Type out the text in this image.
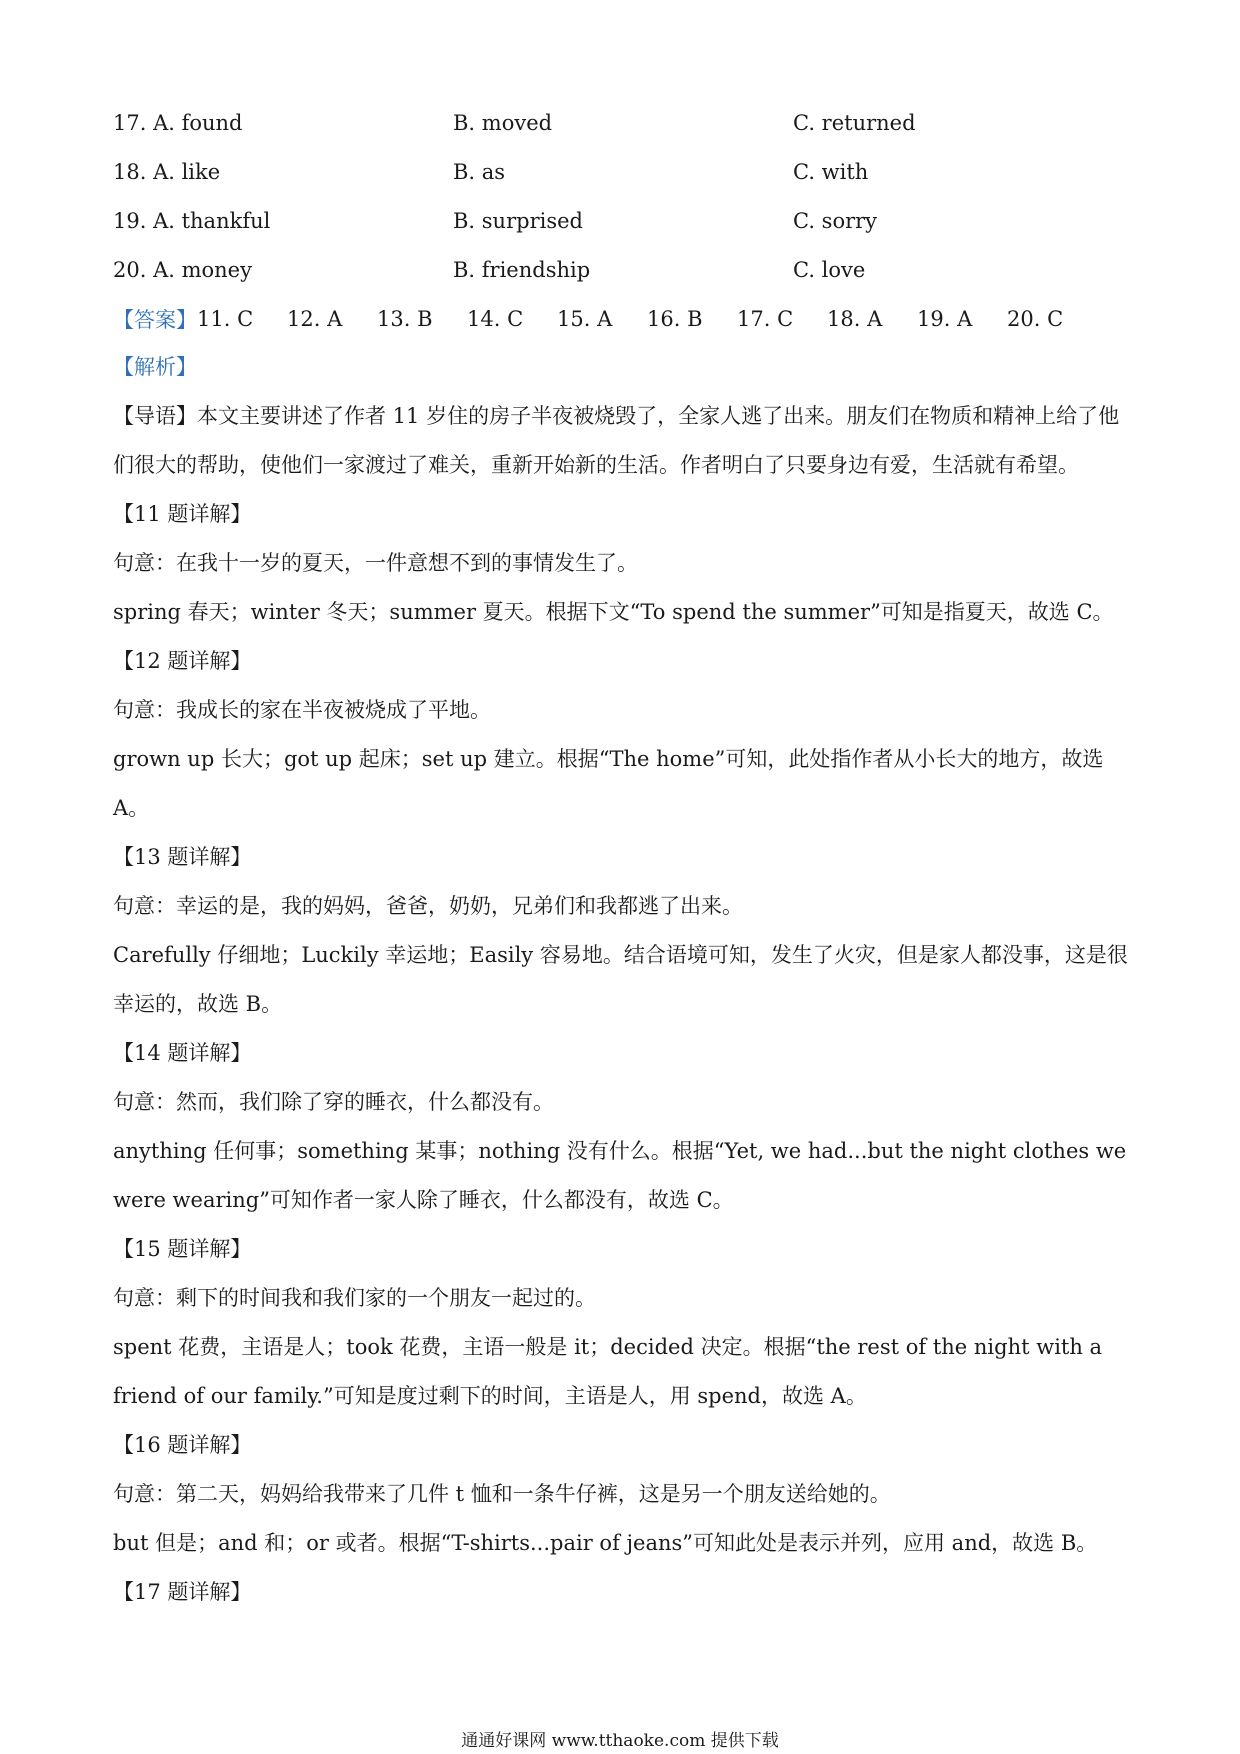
17. A. found	B. moved	C. returned
18. A. like	B. as	C. with
19. A. thankful	B. surprised	C. sorry
20. A. money	B. friendship	C. love
【答案】 11. C	12. A	13. B	14. C	15. A	16. B	17. C	18. A	19. A	20. C
【解析】
【导语】本文主要讲述了作者 11 岁住的房子半夜被烧毁了，全家人逃了出来。朋友们在物质和精神上给了他们很大的帮助，使他们一家渡过了难关，重新开始新的生活。作者明白了只要身边有爱，生活就有希望。
【11 题详解】
句意：在我十一岁的夏天，一件意想不到的事情发生了。
spring 春天；winter 冬天；summer 夏天。根据下文“To spend the summer”可知是指夏天，故选 C。
【12 题详解】
句意：我成长的家在半夜被烧成了平地。
grown up 长大；got up 起床；set up 建立。根据“The home”可知，此处指作者从小长大的地方，故选 A。
【13 题详解】
句意：幸运的是，我的妈妈，爸爸，奶奶，兄弟们和我都逃了出来。
Carefully 仔细地；Luckily 幸运地；Easily 容易地。结合语境可知，发生了火灾，但是家人都没事，这是很幸运的，故选 B。
【14 题详解】
句意：然而，我们除了穿的睡衣，什么都没有。
anything 任何事；something 某事；nothing 没有什么。根据“Yet, we had...but the night clothes we were wearing”可知作者一家人除了睡衣，什么都没有，故选 C。
【15 题详解】
句意：剩下的时间我和我们家的一个朋友一起过的。
spent 花费，主语是人；took 花费，主语一般是 it；decided 决定。根据“the rest of the night with a friend of our family.”可知是度过剩下的时间，主语是人，用 spend，故选 A。
【16 题详解】
句意：第二天，妈妈给我带来了几件 t 恤和一条牛仔裤，这是另一个朋友送给她的。
but 但是；and 和；or 或者。根据“T-shirts...pair of jeans”可知此处是表示并列，应用 and，故选 B。
【17 题详解】
通通好课网 www.tthaoke.com 提供下载
